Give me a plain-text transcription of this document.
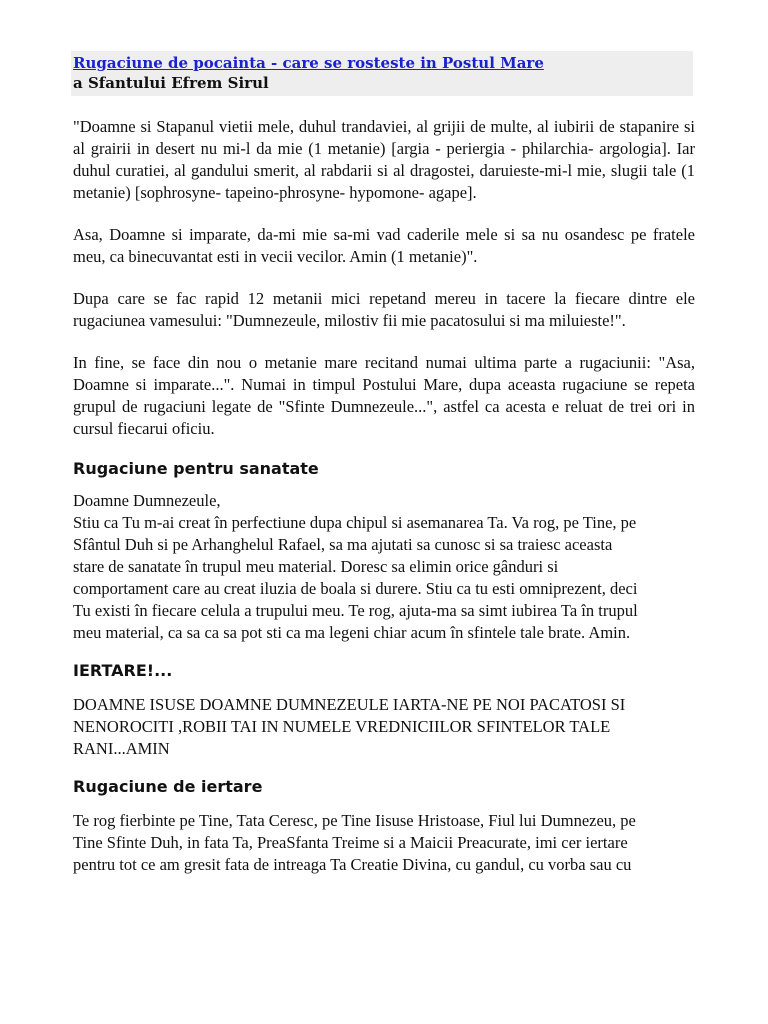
Rugaciune de pocainta - care se rosteste in Postul Mare
a Sfantului Efrem Sirul

"Doamne si Stapanul vietii mele, duhul trandaviei, al grijii de multe, al iubirii de stapanire si al grairii in desert nu mi-l da mie (1 metanie) [argia - periergia - philarchia- argologia]. Iar duhul curatiei, al gandului smerit, al rabdarii si al dragostei, daruieste-mi-l mie, slugii tale (1 metanie) [sophrosyne- tapeino-phrosyne- hypomone- agape].

Asa, Doamne si imparate, da-mi mie sa-mi vad caderile mele si sa nu osandesc pe fratele meu, ca binecuvantat esti in vecii vecilor. Amin (1 metanie)".

Dupa care se fac rapid 12 metanii mici repetand mereu in tacere la fiecare dintre ele rugaciunea vamesului: "Dumnezeule, milostiv fii mie pacatosului si ma miluieste!".

In fine, se face din nou o metanie mare recitand numai ultima parte a rugaciunii: "Asa, Doamne si imparate...". Numai in timpul Postului Mare, dupa aceasta rugaciune se repeta grupul de rugaciuni legate de "Sfinte Dumnezeule...", astfel ca acesta e reluat de trei ori in cursul fiecarui oficiu.

Rugaciune pentru sanatate
Doamne Dumnezeule,
Stiu ca Tu m-ai creat în perfectiune dupa chipul si asemanarea Ta. Va rog, pe Tine, pe
Sfântul Duh si pe Arhanghelul Rafael, sa ma ajutati sa cunosc si sa traiesc aceasta
stare de sanatate în trupul meu material. Doresc sa elimin orice gânduri si
comportament care au creat iluzia de boala si durere. Stiu ca tu esti omniprezent, deci
Tu existi în fiecare celula a trupului meu. Te rog, ajuta-ma sa simt iubirea Ta în trupul
meu material, ca sa ca sa pot sti ca ma legeni chiar acum în sfintele tale brate. Amin.
IERTARE!...
DOAMNE ISUSE DOAMNE DUMNEZEULE IARTA-NE PE NOI PACATOSI SI
NENOROCITI ,ROBII TAI IN NUMELE VREDNICIILOR SFINTELOR TALE
RANI...AMIN
Rugaciune de iertare
Te rog fierbinte pe Tine, Tata Ceresc, pe Tine Iisuse Hristoase, Fiul lui Dumnezeu, pe
Tine Sfinte Duh, in fata Ta, PreaSfanta Treime si a Maicii Preacurate, imi cer iertare
pentru tot ce am gresit fata de intreaga Ta Creatie Divina, cu gandul, cu vorba sau cu
